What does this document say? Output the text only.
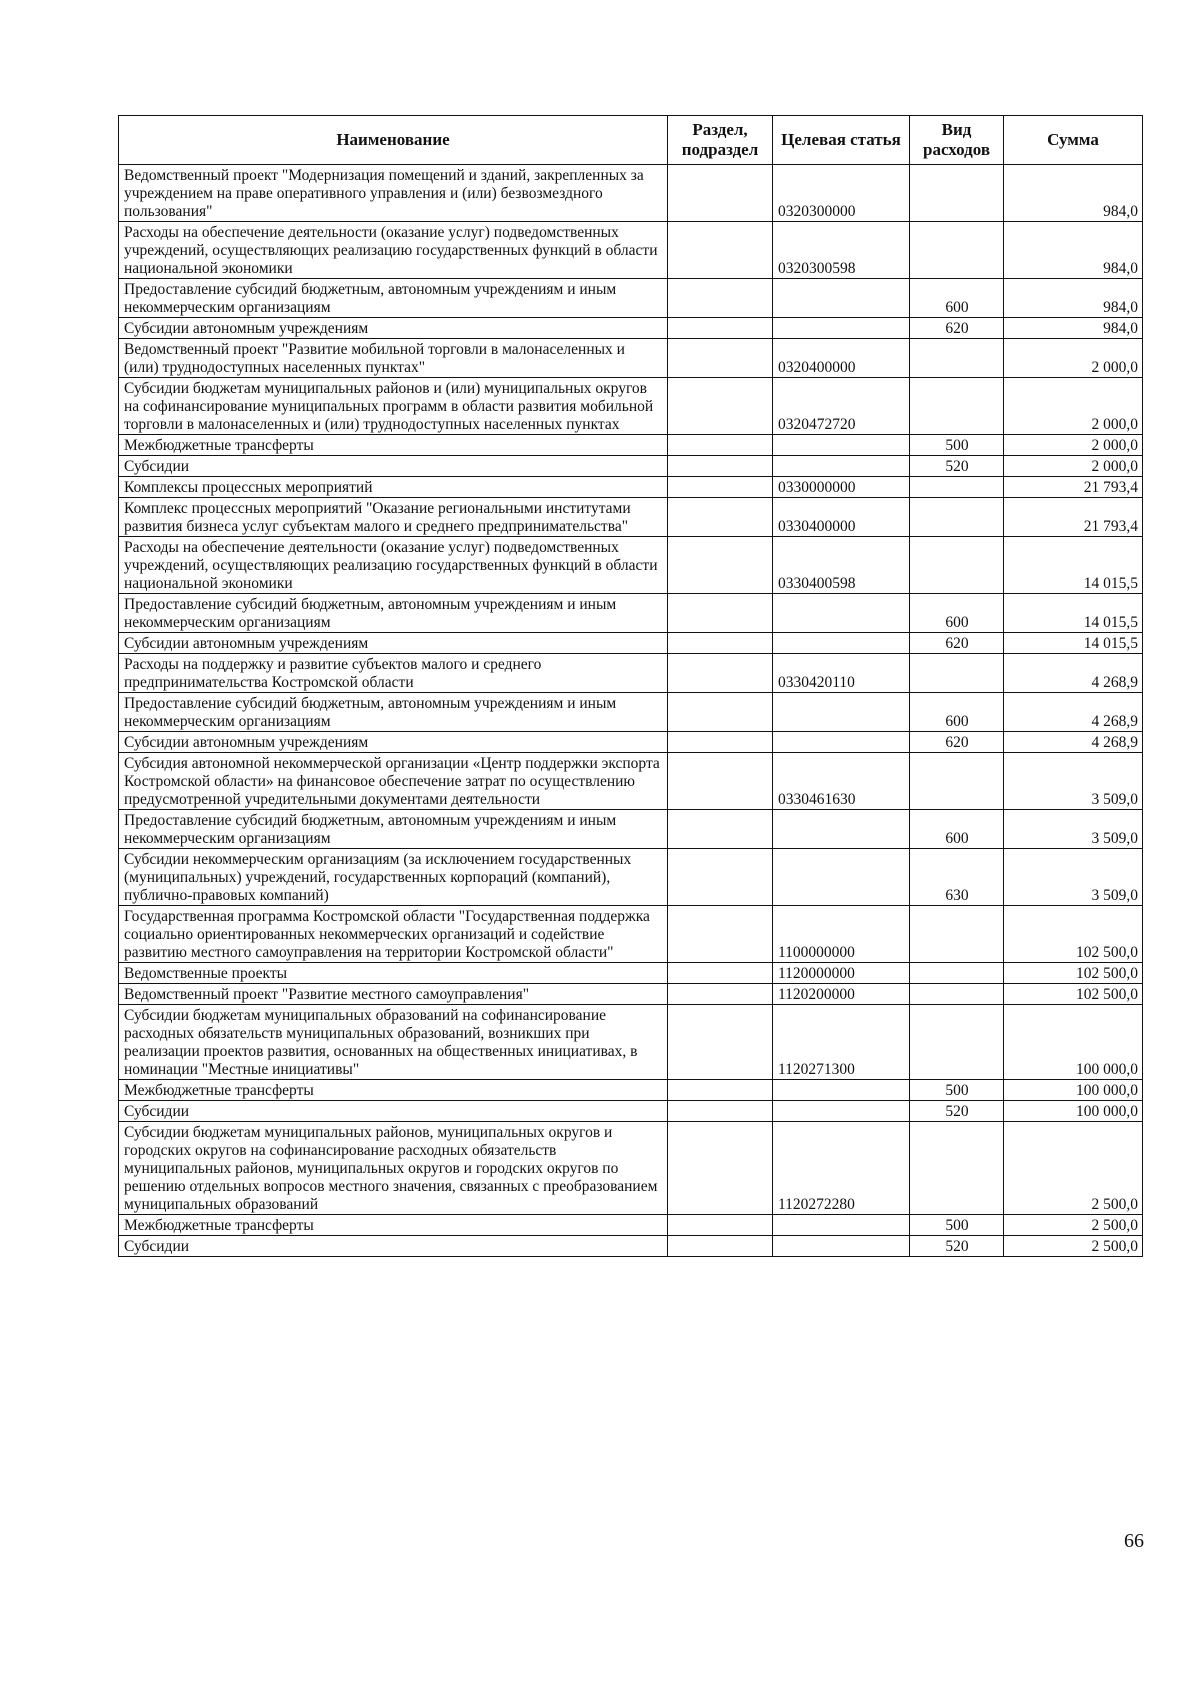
Наименование	Раздел, подраздел	Целевая статья	Вид расходов	Сумма
Ведомственный проект "Модернизация помещений и зданий, закрепленных за учреждением на праве оперативного управления и (или) безвозмездного пользования"		0320300000		984,0
Расходы на обеспечение деятельности (оказание услуг) подведомственных учреждений, осуществляющих реализацию государственных функций в области национальной экономики		0320300598		984,0
Предоставление субсидий бюджетным, автономным учреждениям и иным некоммерческим организациям			600	984,0
Субсидии автономным учреждениям			620	984,0
Ведомственный проект "Развитие мобильной торговли в малонаселенных и (или) труднодоступных населенных пунктах"		0320400000		2 000,0
Субсидии бюджетам муниципальных районов и (или) муниципальных округов на софинансирование муниципальных программ в области развития мобильной торговли в малонаселенных и (или) труднодоступных населенных пунктах		0320472720		2 000,0
Межбюджетные трансферты			500	2 000,0
Субсидии			520	2 000,0
Комплексы процессных мероприятий		0330000000		21 793,4
Комплекс процессных мероприятий "Оказание региональными институтами развития бизнеса услуг субъектам малого и среднего предпринимательства"		0330400000		21 793,4
Расходы на обеспечение деятельности (оказание услуг) подведомственных учреждений, осуществляющих реализацию государственных функций в области национальной экономики		0330400598		14 015,5
Предоставление субсидий бюджетным, автономным учреждениям и иным некоммерческим организациям			600	14 015,5
Субсидии автономным учреждениям			620	14 015,5
Расходы на поддержку и развитие субъектов малого и среднего предпринимательства Костромской области		0330420110		4 268,9
Предоставление субсидий бюджетным, автономным учреждениям и иным некоммерческим организациям			600	4 268,9
Субсидии автономным учреждениям			620	4 268,9
Субсидия автономной некоммерческой организации «Центр поддержки экспорта Костромской области» на финансовое обеспечение затрат по осуществлению предусмотренной учредительными документами деятельности		0330461630		3 509,0
Предоставление субсидий бюджетным, автономным учреждениям и иным некоммерческим организациям			600	3 509,0
Субсидии некоммерческим организациям (за исключением государственных (муниципальных) учреждений, государственных корпораций (компаний), публично-правовых компаний)			630	3 509,0
Государственная программа Костромской области "Государственная поддержка социально ориентированных некоммерческих организаций и содействие развитию местного самоуправления на территории Костромской области"		1100000000		102 500,0
Ведомственные проекты		1120000000		102 500,0
Ведомственный проект "Развитие местного самоуправления"		1120200000		102 500,0
Субсидии бюджетам муниципальных образований на софинансирование расходных обязательств муниципальных образований, возникших при реализации проектов развития, основанных на общественных инициативах, в номинации "Местные инициативы"		1120271300		100 000,0
Межбюджетные трансферты			500	100 000,0
Субсидии			520	100 000,0
Субсидии бюджетам муниципальных районов, муниципальных округов и городских округов на софинансирование расходных обязательств муниципальных районов, муниципальных округов и городских округов по решению отдельных вопросов местного значения, связанных с преобразованием муниципальных образований		1120272280		2 500,0
Межбюджетные трансферты			500	2 500,0
Субсидии			520	2 500,0
66
